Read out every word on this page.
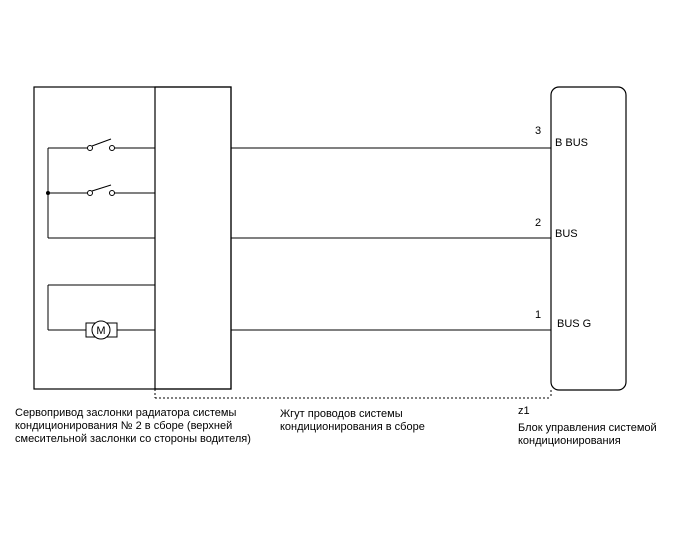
M
3
2
1
B BUS
BUS
BUS G
Сервопривод заслонки радиатора системы
кондиционирования № 2 в сборе (верхней
смесительной заслонки со стороны водителя)
Жгут проводов системы
кондиционирования в сборе
z1
Блок управления системой
кондиционирования
